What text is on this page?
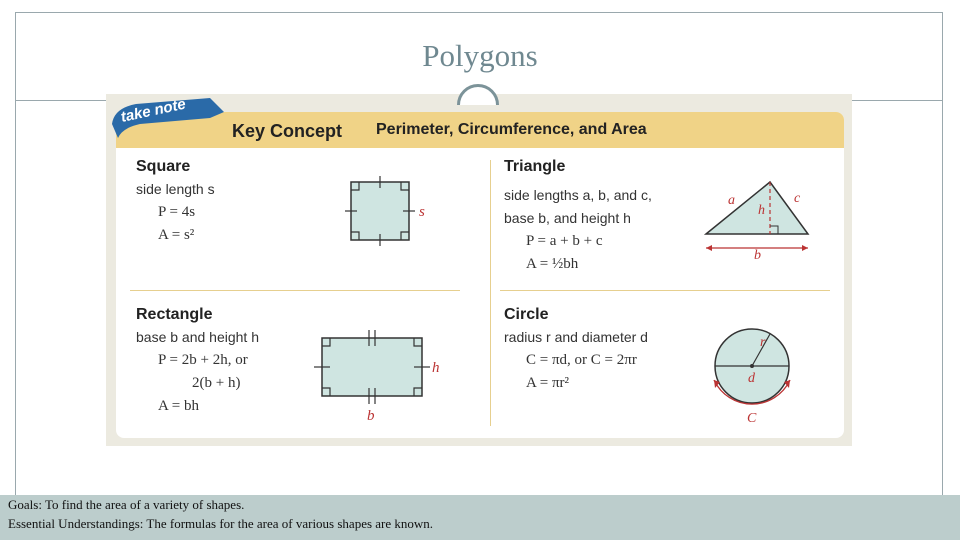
Polygons
Key Concept Perimeter, Circumference, and Area
Square
side length s
P = 4s
A = s²
s
Triangle
side lengths a, b, and c,
base b, and height h
P = a + b + c
A = ½bh
a
h
c
b
Rectangle
base b and height h
P = 2b + 2h, or
2(b + h)
A = bh
h
b
Circle
radius r and diameter d
C = πd, or C = 2πr
A = πr²
r
d
C
take note
Goals: To find the area of a variety of shapes.
Essential Understandings: The formulas for the area of various shapes are known.
